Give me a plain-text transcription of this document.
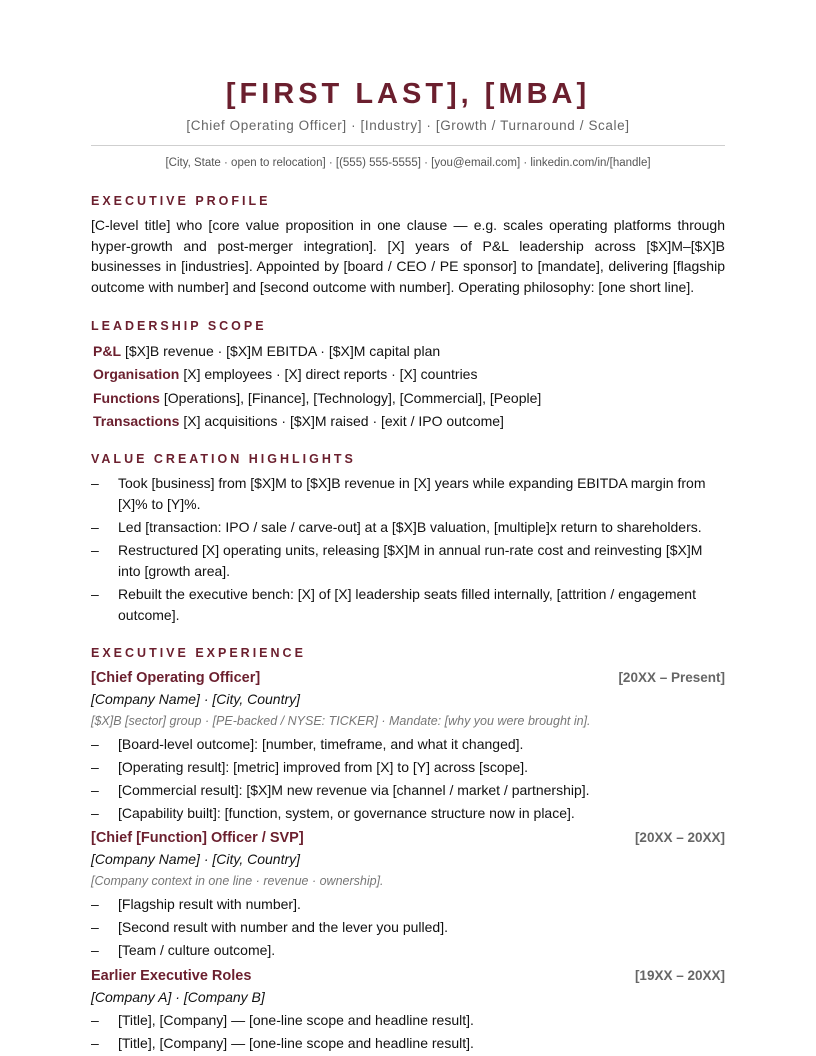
[FIRST LAST], [MBA]
[Chief Operating Officer] · [Industry] · [Growth / Turnaround / Scale]
[City, State · open to relocation] · [(555) 555-5555] · [you@email.com] · linkedin.com/in/[handle]
EXECUTIVE PROFILE

[C-level title] who [core value proposition in one clause — e.g. scales operating platforms through hyper-growth and post-merger integration]. [X] years of P&L leadership across [$X]M–[$X]B businesses in [industries]. Appointed by [board / CEO / PE sponsor] to [mandate], delivering [flagship outcome with number] and [second outcome with number]. Operating philosophy: [one short line].

LEADERSHIP SCOPE
P&L [$X]B revenue · [$X]M EBITDA · [$X]M capital plan
Organisation [X] employees · [X] direct reports · [X] countries
Functions [Operations], [Finance], [Technology], [Commercial], [People]
Transactions [X] acquisitions · [$X]M raised · [exit / IPO outcome]
VALUE CREATION HIGHLIGHTS
– Took [business] from [$X]M to [$X]B revenue in [X] years while expanding EBITDA margin from [X]% to [Y]%.
– Led [transaction: IPO / sale / carve-out] at a [$X]B valuation, [multiple]x return to shareholders.
– Restructured [X] operating units, releasing [$X]M in annual run-rate cost and reinvesting [$X]M into [growth area].
– Rebuilt the executive bench: [X] of [X] leadership seats filled internally, [attrition / engagement outcome].
EXECUTIVE EXPERIENCE
[Chief Operating Officer]	[20XX – Present]
[Company Name] · [City, Country]
[$X]B [sector] group · [PE-backed / NYSE: TICKER] · Mandate: [why you were brought in].
– [Board-level outcome]: [number, timeframe, and what it changed].
– [Operating result]: [metric] improved from [X] to [Y] across [scope].
– [Commercial result]: [$X]M new revenue via [channel / market / partnership].
– [Capability built]: [function, system, or governance structure now in place].
[Chief [Function] Officer / SVP]	[20XX – 20XX]
[Company Name] · [City, Country]
[Company context in one line · revenue · ownership].
– [Flagship result with number].
– [Second result with number and the lever you pulled].
– [Team / culture outcome].
Earlier Executive Roles	[19XX – 20XX]
[Company A] · [Company B]
– [Title], [Company] — [one-line scope and headline result].
– [Title], [Company] — [one-line scope and headline result].
